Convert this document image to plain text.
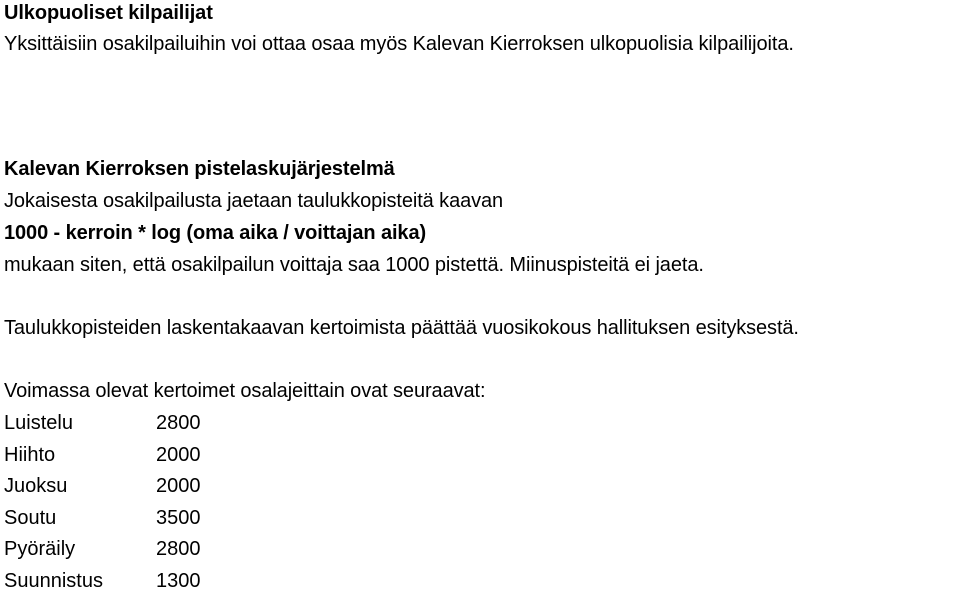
Ulkopuoliset kilpailijat
Yksittäisiin osakilpailuihin voi ottaa osaa myös Kalevan Kierroksen ulkopuolisia kilpailijoita.
Kalevan Kierroksen pistelaskujärjestelmä
Jokaisesta osakilpailusta jaetaan taulukkopisteitä kaavan
1000 - kerroin * log (oma aika / voittajan aika)
mukaan siten, että osakilpailun voittaja saa 1000 pistettä. Miinuspisteitä ei jaeta.
Taulukkopisteiden laskentakaavan kertoimista päättää vuosikokous hallituksen esityksestä.
Voimassa olevat kertoimet osalajeittain ovat seuraavat:
Luistelu	2800
Hiihto	2000
Juoksu	2000
Soutu	3500
Pyöräily	2800
Suunnistus	1300
